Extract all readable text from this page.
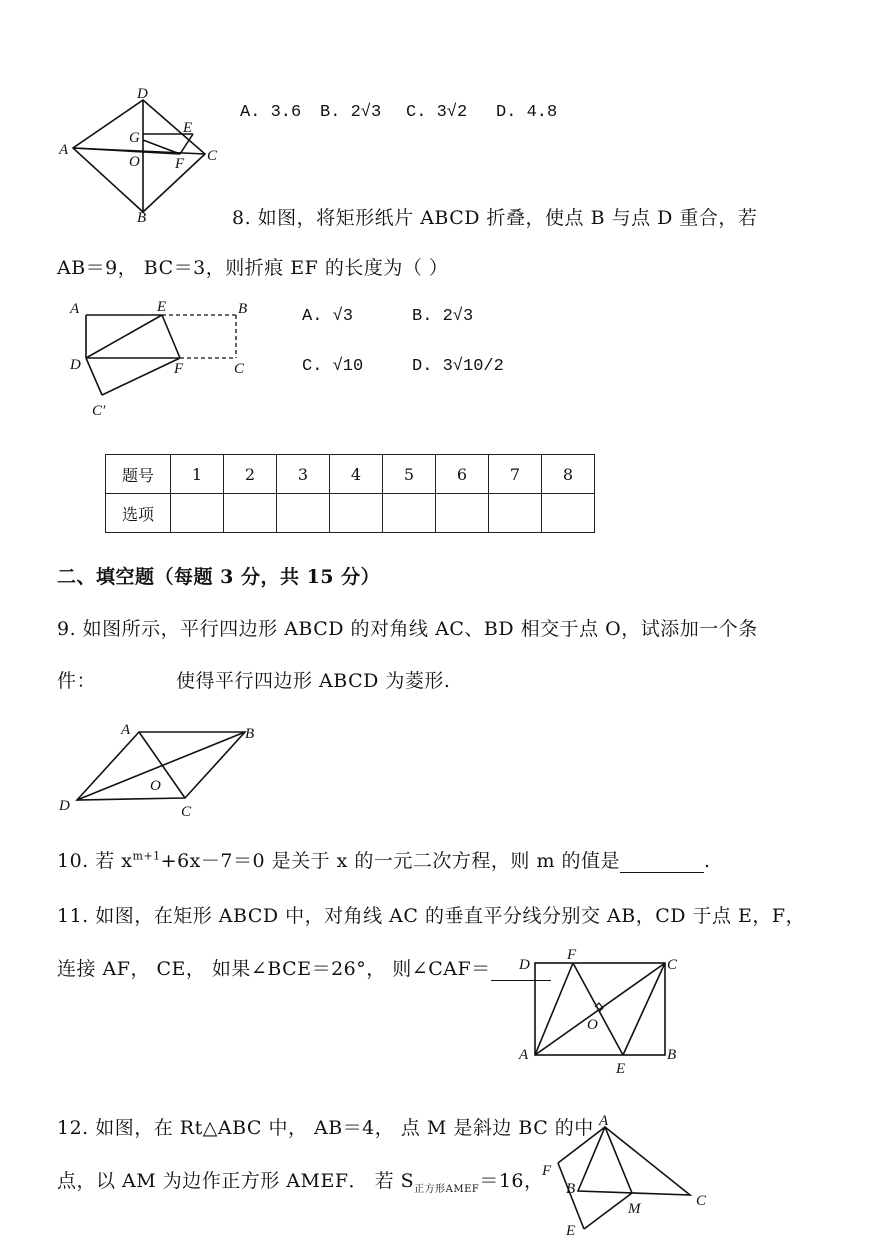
D
A
G
E
O F C
B
A. 3.6 B. 2√3 C. 3√2 D. 4.8
8. 如图，将矩形纸片 ABCD 折叠，使点 B 与点 D 重合，若
AB＝9， BC＝3，则折痕 EF 的长度为（ ）
A	E	B
D	F	C
C′
A. √3	B. 2√3
C. √10	D. 3√10/2
题号	1	2	3	4	5	6	7	8
选项								
二、填空题（每题 3 分，共 15 分）
9. 如图所示，平行四边形 ABCD 的对角线 AC、BD 相交于点 O，试添加一个条
件：	使得平行四边形 ABCD 为菱形.
A	B
O
D	C
10. 若 $x^{m+1}+6x-7=0$ 是关于 x 的一元二次方程，则 m 的值是	.
11. 如图，在矩形 ABCD 中，对角线 AC 的垂直平分线分别交 AB，CD 于点 E，F，
连接 AF， CE， 如果∠BCE＝26°， 则∠CAF＝	D
F
C
O
A
E
B
12. 如图，在 Rt△ABC 中， AB＝4， 点 M 是斜边 BC 的中
点，以 AM 为边作正方形 AMEF． 若 $S_{正方形AMEF}=16$，
A
F
B
M	C
E
